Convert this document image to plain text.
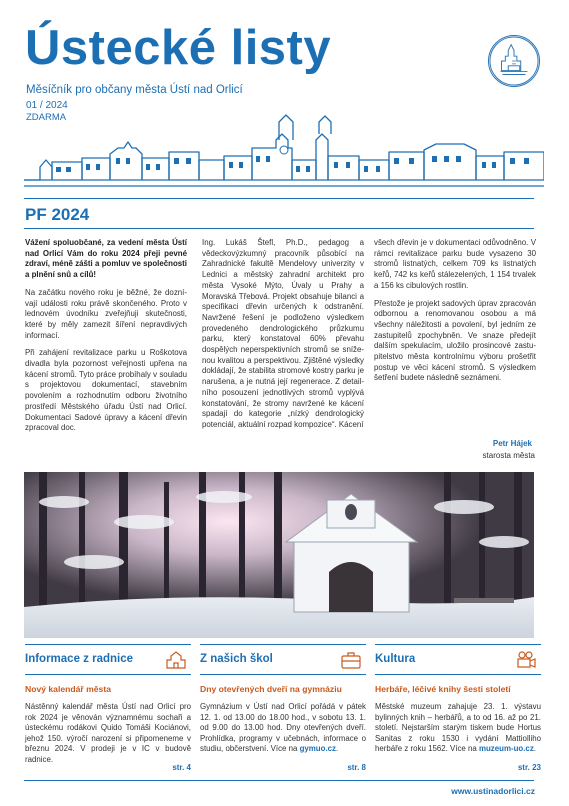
Ústecké listy
Měsíčník pro občany města Ústí nad Orlicí
01 / 2024
ZDARMA
PF 2024

Vážení spoluobčané, za vedení města Ústí nad Orlicí Vám do roku 2024 přeji pevné zdraví, méně zášti a pomluv ve společnosti a plnění snů a cílů!

Na začátku nového roku je běžné, že doznívají události roku právě skončeného. Proto v lednovém úvodníku zveřejňuji skutečnosti, které by měly zamezit šíření nepravdivých informací.

Při zahájení revitalizace parku u Roškotova divadla byla pozornost veřejnosti upřena na kácení stromů. Tyto práce probíhaly v souladu s projektovou dokumentací, stavebním povolením a rozhodnutím odboru životního prostředí Městského úřadu Ústí nad Orlicí. Dokumentaci Sadové úpravy a kácení dřevin zpracoval doc.

Ing. Lukáš Štefl, Ph.D., pedagog a vědeckovýzkumný pracovník působící na Zahradnické fakultě Mendelovy univerzity v Lednici a městský zahradní architekt pro města Vysoké Mýto, Úvaly u Prahy a Moravská Třebová. Projekt obsahuje bilanci a specifikaci dřevin určených k odstranění. Navržené řešení je podloženo výsledkem provedeného dendrologického průzkumu parku, který konstatoval 60% převahu dospělých neperspektivních stromů se sníženou kvalitou a perspektivou. Zjištěné výsledky dokládají, že stabilita stromové kostry parku je narušena, a je nutná její regenerace. Z detailního posouzení jednotlivých stromů vyplývá konstatování, že stromy navržené ke kácení spadají do kategorie „nízký dendrologický potenciál, aktuální rozpad kompozice“. Kácení

všech dřevin je v dokumentaci odůvodněno. V rámci revitalizace parku bude vysazeno 30 stromů listnatých, celkem 709 ks listnatých keřů, 742 ks keřů stálezelených, 1 154 trvalek a 156 ks cibulových rostlin.

Přestože je projekt sadových úprav zpracován odbornou a renomovanou osobou a má všechny náležitosti a povolení, byl jedním ze zastupitelů zpochybněn. Ve snaze předejít dalším spekulacím, uložilo prosincové zastupitelstvo města kontrolnímu výboru prošetřit postup ve věci kácení stromů. S výsledkem šetření budete následně seznámeni.

Petr Hájek
starosta města
Informace z radnice
Nový kalendář města
Nástěnný kalendář města Ústí nad Orlicí pro rok 2024 je věnován významnému sochaři a ústeckému rodákovi Quido Tomáši Kociánovi, jehož 150. výročí narození si připomeneme v březnu 2024. V prodeji je v IC v budově radnice.
str. 4
Z našich škol
Dny otevřených dveří na gymnáziu
Gymnázium v Ústí nad Orlicí pořádá v pátek 12. 1. od 13.00 do 18.00 hod., v sobotu 13. 1. od 9.00 do 13.00 hod. Dny otevřených dveří. Prohlídka, programy v učebnách, informace o studiu, občerstvení. Více na gymuo.cz.
str. 8
Kultura
Herbáře, léčivé knihy šesti století
Městské muzeum zahajuje 23. 1. výstavu bylinných knih – herbářů, a to od 16. až po 21. století. Nejstarším starým tiskem bude Hortus Sanitas z roku 1530 i vydání Mattiolliho herbáře z roku 1562. Více na muzeum-uo.cz.
str. 23
www.ustinadorlici.cz
